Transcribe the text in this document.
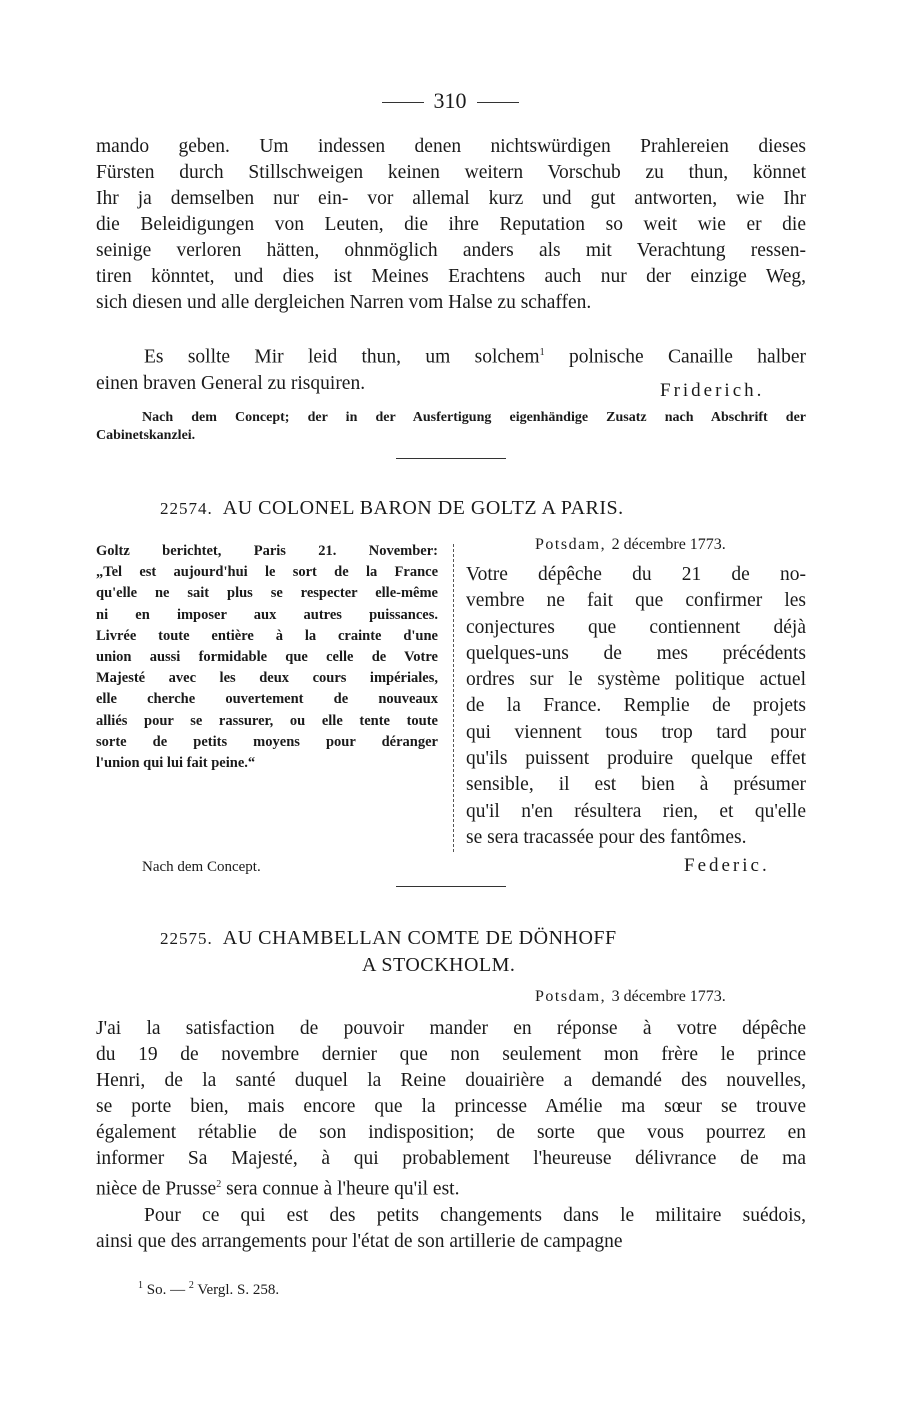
310
mando geben. Um indessen denen nichtswürdigen Prahlereien dieses
Fürsten durch Stillschweigen keinen weitern Vorschub zu thun, könnet
Ihr ja demselben nur ein- vor allemal kurz und gut antworten, wie Ihr
die Beleidigungen von Leuten, die ihre Reputation so weit wie er die
seinige verloren hätten, ohnmöglich anders als mit Verachtung ressen-
tiren könntet, und dies ist Meines Erachtens auch nur der einzige Weg,
sich diesen und alle dergleichen Narren vom Halse zu schaffen.
Es sollte Mir leid thun, um solchem$^1$ polnische Canaille halber
einen braven General zu risquiren.	Friderich.
Nach dem Concept; der in der Ausfertigung eigenhändige Zusatz nach Abschrift der
Cabinetskanzlei.
22574. AU COLONEL BARON DE GOLTZ A PARIS.
Goltz berichtet, Paris 21. November:
„Tel est aujourd'hui le sort de la France
qu'elle ne sait plus se respecter elle-même
ni en imposer aux autres puissances.
Livrée toute entière à la crainte d'une
union aussi formidable que celle de Votre
Majesté avec les deux cours impériales,
elle cherche ouvertement de nouveaux
alliés pour se rassurer, ou elle tente toute
sorte de petits moyens pour déranger
l'union qui lui fait peine.“
Potsdam, 2 décembre 1773.
Votre dépêche du 21 de no-
vembre ne fait que confirmer les
conjectures que contiennent déjà
quelques-uns de mes précédents
ordres sur le système politique actuel
de la France. Remplie de projets
qui viennent tous trop tard pour
qu'ils puissent produire quelque effet
sensible, il est bien à présumer
qu'il n'en résultera rien, et qu'elle
se sera tracassée pour des fantômes.
Nach dem Concept.	Federic.
22575. AU CHAMBELLAN COMTE DE DÖNHOFF
A STOCKHOLM.
Potsdam, 3 décembre 1773.
J'ai la satisfaction de pouvoir mander en réponse à votre dépêche
du 19 de novembre dernier que non seulement mon frère le prince
Henri, de la santé duquel la Reine douairière a demandé des nouvelles,
se porte bien, mais encore que la princesse Amélie ma sœur se trouve
également rétablie de son indisposition; de sorte que vous pourrez en
informer Sa Majesté, à qui probablement l'heureuse délivrance de ma
nièce de Prusse$^2$ sera connue à l'heure qu'il est.
Pour ce qui est des petits changements dans le militaire suédois,
ainsi que des arrangements pour l'état de son artillerie de campagne
$^1$ So. — $^2$ Vergl. S. 258.
